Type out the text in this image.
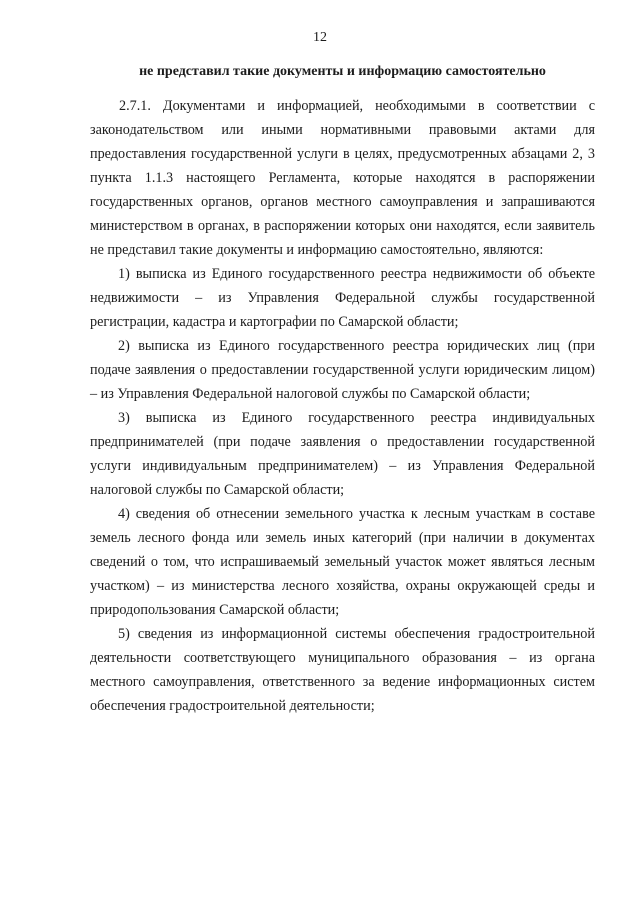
12
не представил такие документы и информацию самостоятельно

2.7.1. Документами и информацией, необходимыми в соответствии с законодательством или иными нормативными правовыми актами для предоставления государственной услуги в целях, предусмотренных абзацами 2, 3 пункта 1.1.3 настоящего Регламента, которые находятся в распоряжении государственных органов, органов местного самоуправления и запрашиваются министерством в органах, в распоряжении которых они находятся, если заявитель не представил такие документы и информацию самостоятельно, являются:

1) выписка из Единого государственного реестра недвижимости об объекте недвижимости – из Управления Федеральной службы государственной регистрации, кадастра и картографии по Самарской области;

2) выписка из Единого государственного реестра юридических лиц (при подаче заявления о предоставлении государственной услуги юридическим лицом) – из Управления Федеральной налоговой службы по Самарской области;

3) выписка из Единого государственного реестра индивидуальных предпринимателей (при подаче заявления о предоставлении государственной услуги индивидуальным предпринимателем) – из Управления Федеральной налоговой службы по Самарской области;

4) сведения об отнесении земельного участка к лесным участкам в составе земель лесного фонда или земель иных категорий (при наличии в документах сведений о том, что испрашиваемый земельный участок может являться лесным участком) – из министерства лесного хозяйства, охраны окружающей среды и природопользования Самарской области;

5) сведения из информационной системы обеспечения градостроительной деятельности соответствующего муниципального образования – из органа местного самоуправления, ответственного за ведение информационных систем обеспечения градостроительной деятельности;
